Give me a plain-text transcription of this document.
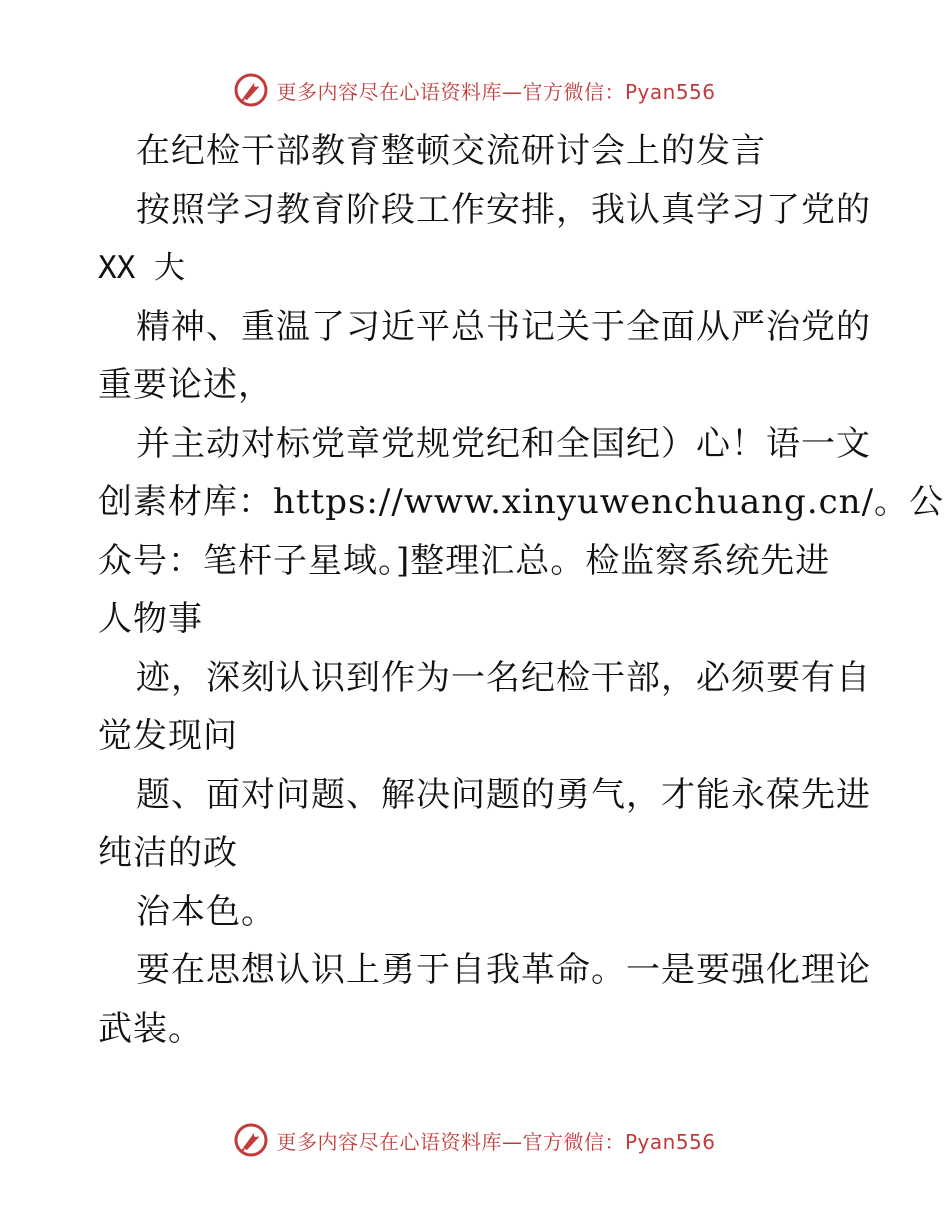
更多内容尽在心语资料库—官方微信：Pyan556
在纪检干部教育整顿交流研讨会上的发言
按照学习教育阶段工作安排，我认真学习了党的
XX 大
精神、重温了习近平总书记关于全面从严治党的
重要论述，
并主动对标党章党规党纪和全国纪）心！语一文
创素材库：https://www.xinyuwenchuang.cn/。公
众号：笔杆子星域。]整理汇总。检监察系统先进
人物事
迹，深刻认识到作为一名纪检干部，必须要有自
觉发现问
题、面对问题、解决问题的勇气，才能永葆先进
纯洁的政
治本色。
要在思想认识上勇于自我革命。一是要强化理论
武装。
更多内容尽在心语资料库—官方微信：Pyan556
